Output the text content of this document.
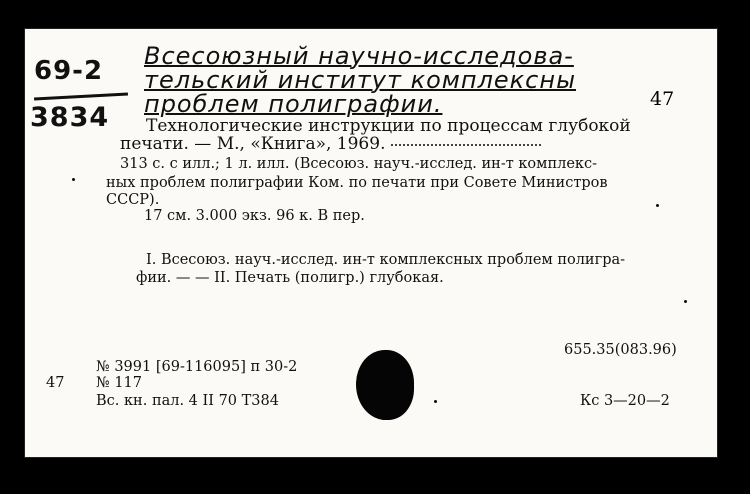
69-2
3834
Всесоюзный научно-исследова-
тельский институт комплексны
проблем полиграфии.	47
Технологические инструкции по процессам глубокой
печати. — М., «Книга», 1969.
313 с. с илл.; 1 л. илл. (Всесоюз. науч.-исслед. ин-т комплекс-
ных проблем полиграфии Ком. по печати при Совете Министров
СССР).
17 см. 3.000 экз. 96 к. В пер.
I. Всесоюз. науч.-исслед. ин-т комплексных проблем полигра-
фии. — — II. Печать (полигр.) глубокая.
655.35(083.96)
№ 3991 [69-116095] п 30-2
47 № 117
Вс. кн. пал. 4 II 70 Т384	Кс 3—20—2
